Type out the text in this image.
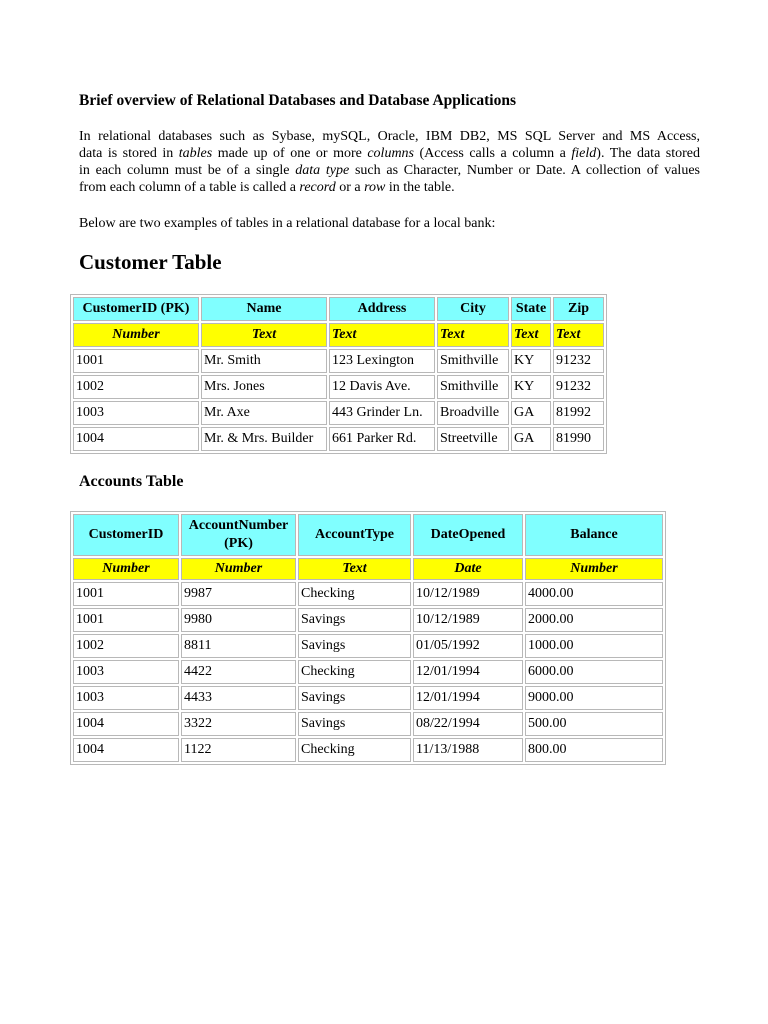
Brief overview of Relational Databases and Database Applications

In relational databases such as Sybase, mySQL, Oracle, IBM DB2, MS SQL Server and MS Access,
data is stored in tables made up of one or more columns (Access calls a column a field). The data stored
in each column must be of a single data type such as Character, Number or Date. A collection of values
from each column of a table is called a record or a row in the table.

Below are two examples of tables in a relational database for a local bank:

Customer Table
Accounts Table
CustomerID (PK)	Name	Address	City	State	Zip
Number	Text	Text	Text	Text	Text
1001	Mr. Smith	123 Lexington	Smithville	KY	91232
1002	Mrs. Jones	12 Davis Ave.	Smithville	KY	91232
1003	Mr. Axe	443 Grinder Ln.	Broadville	GA	81992
1004	Mr. & Mrs. Builder	661 Parker Rd.	Streetville	GA	81990
CustomerID	AccountNumber (PK)	AccountType	DateOpened	Balance
Number	Number	Text	Date	Number
1001	9987	Checking	10/12/1989	4000.00
1001	9980	Savings	10/12/1989	2000.00
1002	8811	Savings	01/05/1992	1000.00
1003	4422	Checking	12/01/1994	6000.00
1003	4433	Savings	12/01/1994	9000.00
1004	3322	Savings	08/22/1994	500.00
1004	1122	Checking	11/13/1988	800.00
